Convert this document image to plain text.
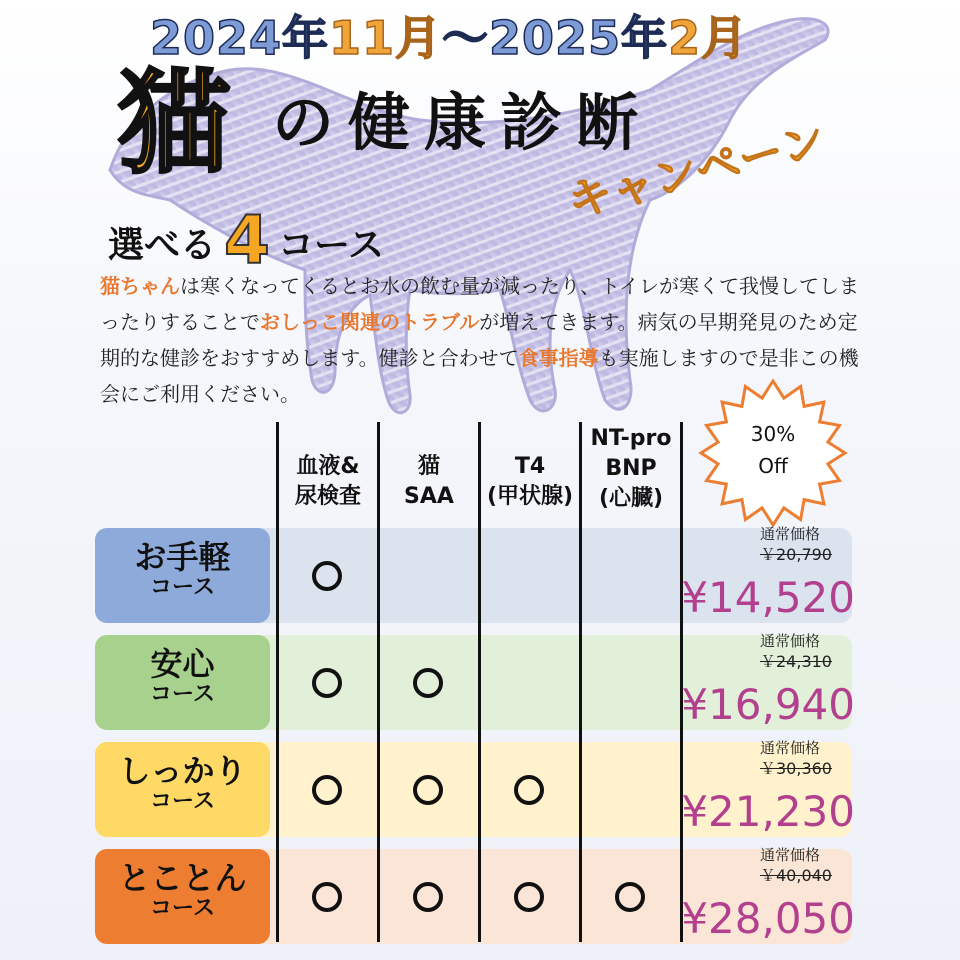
2024年11月～2025年2月
猫 の健康診断
キャンペーン
選べる 4 コース
猫ちゃんは寒くなってくるとお水の飲む量が減ったり、トイレが寒くて我慢してしまったりすることでおしっこ関連のトラブルが増えてきます。病気の早期発見のため定期的な健診をおすすめします。健診と合わせて食事指導も実施しますので是非この機会にご利用ください。
30%
Off
お手軽
コース
安心
コース
しっかり
コース
とことん
コース
血液&
尿検査
猫
SAA
T4
(甲状腺)
NT-pro
BNP
(心臓)
通常価格
￥20,790
¥14,520
通常価格
￥24,310
¥16,940
通常価格
￥30,360
¥21,230
通常価格
￥40,040
¥28,050
